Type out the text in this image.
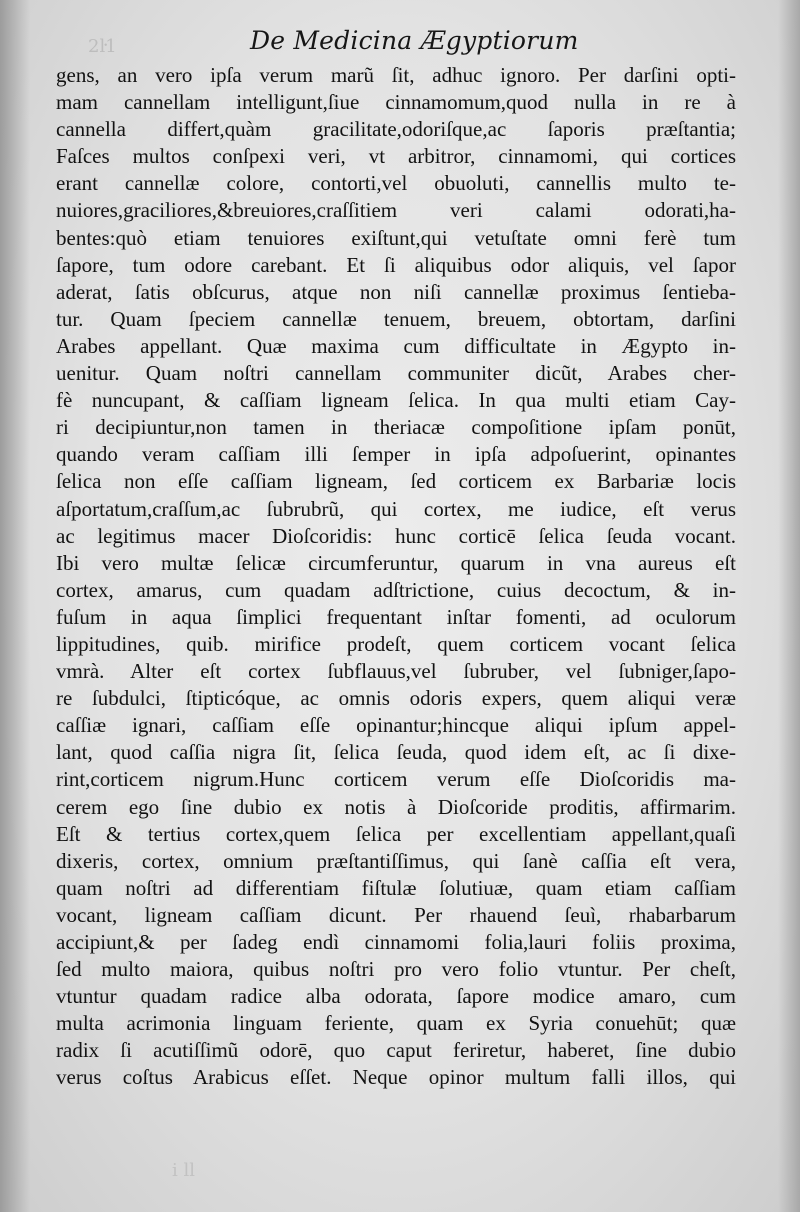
2ŀ1	De Medicina Ægyptiorum
gens, an vero ipſa verum marũ ſit, adhuc ignoro. Per darſini opti-
mam cannellam intelligunt,ſiue cinnamomum,quod nulla in re à
cannella differt,quàm gracilitate,odoriſque,ac ſaporis præſtantia;
Faſces multos conſpexi veri, vt arbitror, cinnamomi, qui cortices
erant cannellæ colore, contorti,vel obuoluti, cannellis multo te-
nuiores,graciliores,&breuiores,craſſitiem veri calami odorati,ha-
bentes:quò etiam tenuiores exiſtunt,qui vetuſtate omni ferè tum
ſapore, tum odore carebant. Et ſi aliquibus odor aliquis, vel ſapor
aderat, ſatis obſcurus, atque non niſi cannellæ proximus ſentieba-
tur. Quam ſpeciem cannellæ tenuem, breuem, obtortam, darſini
Arabes appellant. Quæ maxima cum difficultate in Ægypto in-
uenitur. Quam noſtri cannellam communiter dicũt, Arabes cher-
fè nuncupant, & caſſiam ligneam ſelica. In qua multi etiam Cay-
ri decipiuntur,non tamen in theriacæ compoſitione ipſam ponūt,
quando veram caſſiam illi ſemper in ipſa adpoſuerint, opinantes
ſelica non eſſe caſſiam ligneam, ſed corticem ex Barbariæ locis
aſportatum,craſſum,ac ſubrubrũ, qui cortex, me iudice, eſt verus
ac legitimus macer Dioſcoridis: hunc corticē ſelica ſeuda vocant.
Ibi vero multæ ſelicæ circumferuntur, quarum in vna aureus eſt
cortex, amarus, cum quadam adſtrictione, cuius decoctum, & in-
fuſum in aqua ſimplici frequentant inſtar fomenti, ad oculorum
lippitudines, quib. mirifice prodeſt, quem corticem vocant ſelica
vmrà. Alter eſt cortex ſubflauus,vel ſubruber, vel ſubniger,ſapo-
re ſubdulci, ſtipticóque, ac omnis odoris expers, quem aliqui veræ
caſſiæ ignari, caſſiam eſſe opinantur;hincque aliqui ipſum appel-
lant, quod caſſia nigra ſit, ſelica ſeuda, quod idem eſt, ac ſi dixe-
rint,corticem nigrum.Hunc corticem verum eſſe Dioſcoridis ma-
cerem ego ſine dubio ex notis à Dioſcoride proditis, affirmarim.
Eſt & tertius cortex,quem ſelica per excellentiam appellant,quaſi
dixeris, cortex, omnium præſtantiſſimus, qui ſanè caſſia eſt vera,
quam noſtri ad differentiam fiſtulæ ſolutiuæ, quam etiam caſſiam
vocant, ligneam caſſiam dicunt. Per rhauend ſeuì, rhabarbarum
accipiunt,& per ſadeg endì cinnamomi folia,lauri foliis proxima,
ſed multo maiora, quibus noſtri pro vero folio vtuntur. Per cheſt,
vtuntur quadam radice alba odorata, ſapore modice amaro, cum
multa acrimonia linguam feriente, quam ex Syria conuehūt; quæ
radix ſi acutiſſimũ odorē, quo caput feriretur, haberet, ſine dubio
verus coſtus Arabicus eſſet. Neque opinor multum falli illos, qui
i ll
